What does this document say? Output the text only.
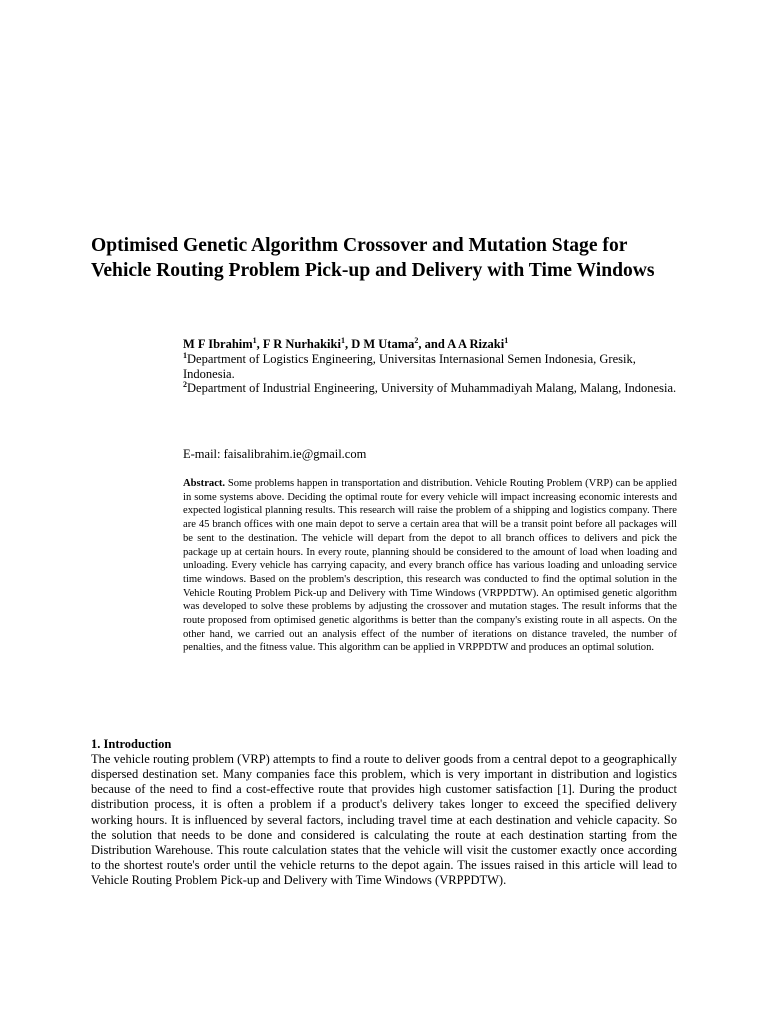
Optimised Genetic Algorithm Crossover and Mutation Stage for Vehicle Routing Problem Pick-up and Delivery with Time Windows

M F Ibrahim$^1$, F R Nurhakiki$^1$, D M Utama$^2$, and A A Rizaki$^1$

$^1$Department of Logistics Engineering, Universitas Internasional Semen Indonesia, Gresik, Indonesia.

$^2$Department of Industrial Engineering, University of Muhammadiyah Malang, Malang, Indonesia.

E-mail: faisalibrahim.ie@gmail.com

Abstract. Some problems happen in transportation and distribution. Vehicle Routing Problem (VRP) can be applied in some systems above. Deciding the optimal route for every vehicle will impact increasing economic interests and expected logistical planning results. This research will raise the problem of a shipping and logistics company. There are 45 branch offices with one main depot to serve a certain area that will be a transit point before all packages will be sent to the destination. The vehicle will depart from the depot to all branch offices to delivers and pick the package up at certain hours. In every route, planning should be considered to the amount of load when loading and unloading. Every vehicle has carrying capacity, and every branch office has various loading and unloading service time windows. Based on the problem's description, this research was conducted to find the optimal solution in the Vehicle Routing Problem Pick-up and Delivery with Time Windows (VRPPDTW). An optimised genetic algorithm was developed to solve these problems by adjusting the crossover and mutation stages. The result informs that the route proposed from optimised genetic algorithms is better than the company's existing route in all aspects. On the other hand, we carried out an analysis effect of the number of iterations on distance traveled, the number of penalties, and the fitness value. This algorithm can be applied in VRPPDTW and produces an optimal solution.

1. Introduction

The vehicle routing problem (VRP) attempts to find a route to deliver goods from a central depot to a geographically dispersed destination set. Many companies face this problem, which is very important in distribution and logistics because of the need to find a cost-effective route that provides high customer satisfaction [1]. During the product distribution process, it is often a problem if a product's delivery takes longer to exceed the specified delivery working hours. It is influenced by several factors, including travel time at each destination and vehicle capacity. So the solution that needs to be done and considered is calculating the route at each destination starting from the Distribution Warehouse. This route calculation states that the vehicle will visit the customer exactly once according to the shortest route's order until the vehicle returns to the depot again. The issues raised in this article will lead to Vehicle Routing Problem Pick-up and Delivery with Time Windows (VRPPDTW).
